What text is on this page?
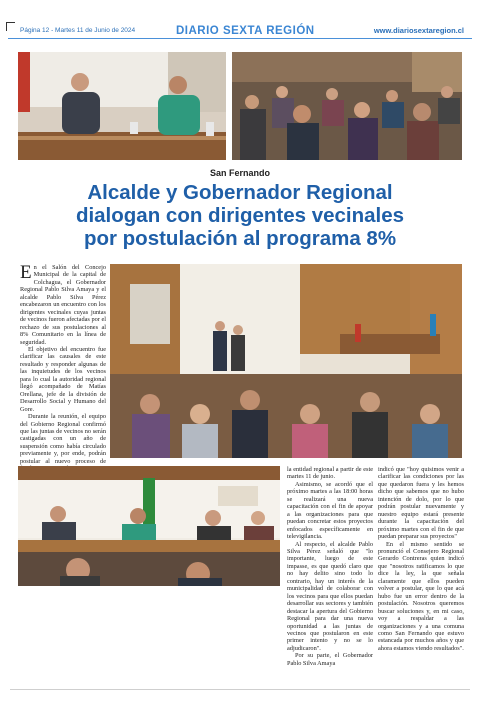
Página 12 - Martes 11 de Junio de 2024	DIARIO SEXTA REGIÓN	www.diariosextaregion.cl
San Fernando
Alcalde y Gobernador Regional
dialogan con dirigentes vecinales
por postulación al programa 8%

En el Salón del Concejo Municipal de la capital de Colchagua, el Gobernador Regional Pablo Silva Amaya y el alcalde Pablo Silva Pérez encabezaron un encuentro con los dirigentes vecinales cuyas juntas de vecinos fueron afectadas por el rechazo de sus postulaciones al 8% Comunitario en la línea de seguridad.

El objetivo del encuentro fue clarificar las causales de este resultado y responder algunas de las inquietudes de los vecinos para lo cual la autoridad regional llegó acompañado de Matías Orellana, jefe de la división de Desarrollo Social y Humano del Gore.

Durante la reunión, el equipo del Gobierno Regional confirmó que las juntas de vecinos no serán castigadas con un año de suspensión como había circulado previamente y, por ende, podrán postular al nuevo proceso de

la entidad regional a partir de este martes 11 de junio.

Asimismo, se acordó que el próximo martes a las 18:00 horas se realizará una nueva capacitación con el fin de apoyar a las organizaciones para que puedan concretar estos proyectos enfocados específicamente en televigilancia.

Al respecto, el alcalde Pablo Silva Pérez señaló que "lo importante, luego de este impasse, es que quedó claro que no hay delito sino todo lo contrario, hay un interés de la municipalidad de colaborar con los vecinos para que ellos puedan desarrollar sus sectores y también destacar la apertura del Gobierno Regional para dar una nueva oportunidad a las juntas de vecinos que postularon en este primer intento y no se lo adjudicaron".

Por su parte, el Gobernador Pablo Silva Amaya

indicó que "hoy quisimos venir a clarificar las condiciones por las que quedaron fuera y les hemos dicho que sabemos que no hubo intención de dolo, por lo que podrán postular nuevamente y nuestro equipo estará presente durante la capacitación del próximo martes con el fin de que puedan preparar sus proyectos"

En el mismo sentido se pronunció el Consejero Regional Gerardo Contreras quien indicó que "nosotros ratificamos lo que dice la ley, la que señala claramente que ellos pueden volver a postular, que lo que acá hubo fue un error dentro de la postulación. Nosotros queremos buscar soluciones y, en mi caso, voy a respaldar a las organizaciones y a una comuna como San Fernando que estuvo estancada por muchos años y que ahora estamos viendo resultados".
